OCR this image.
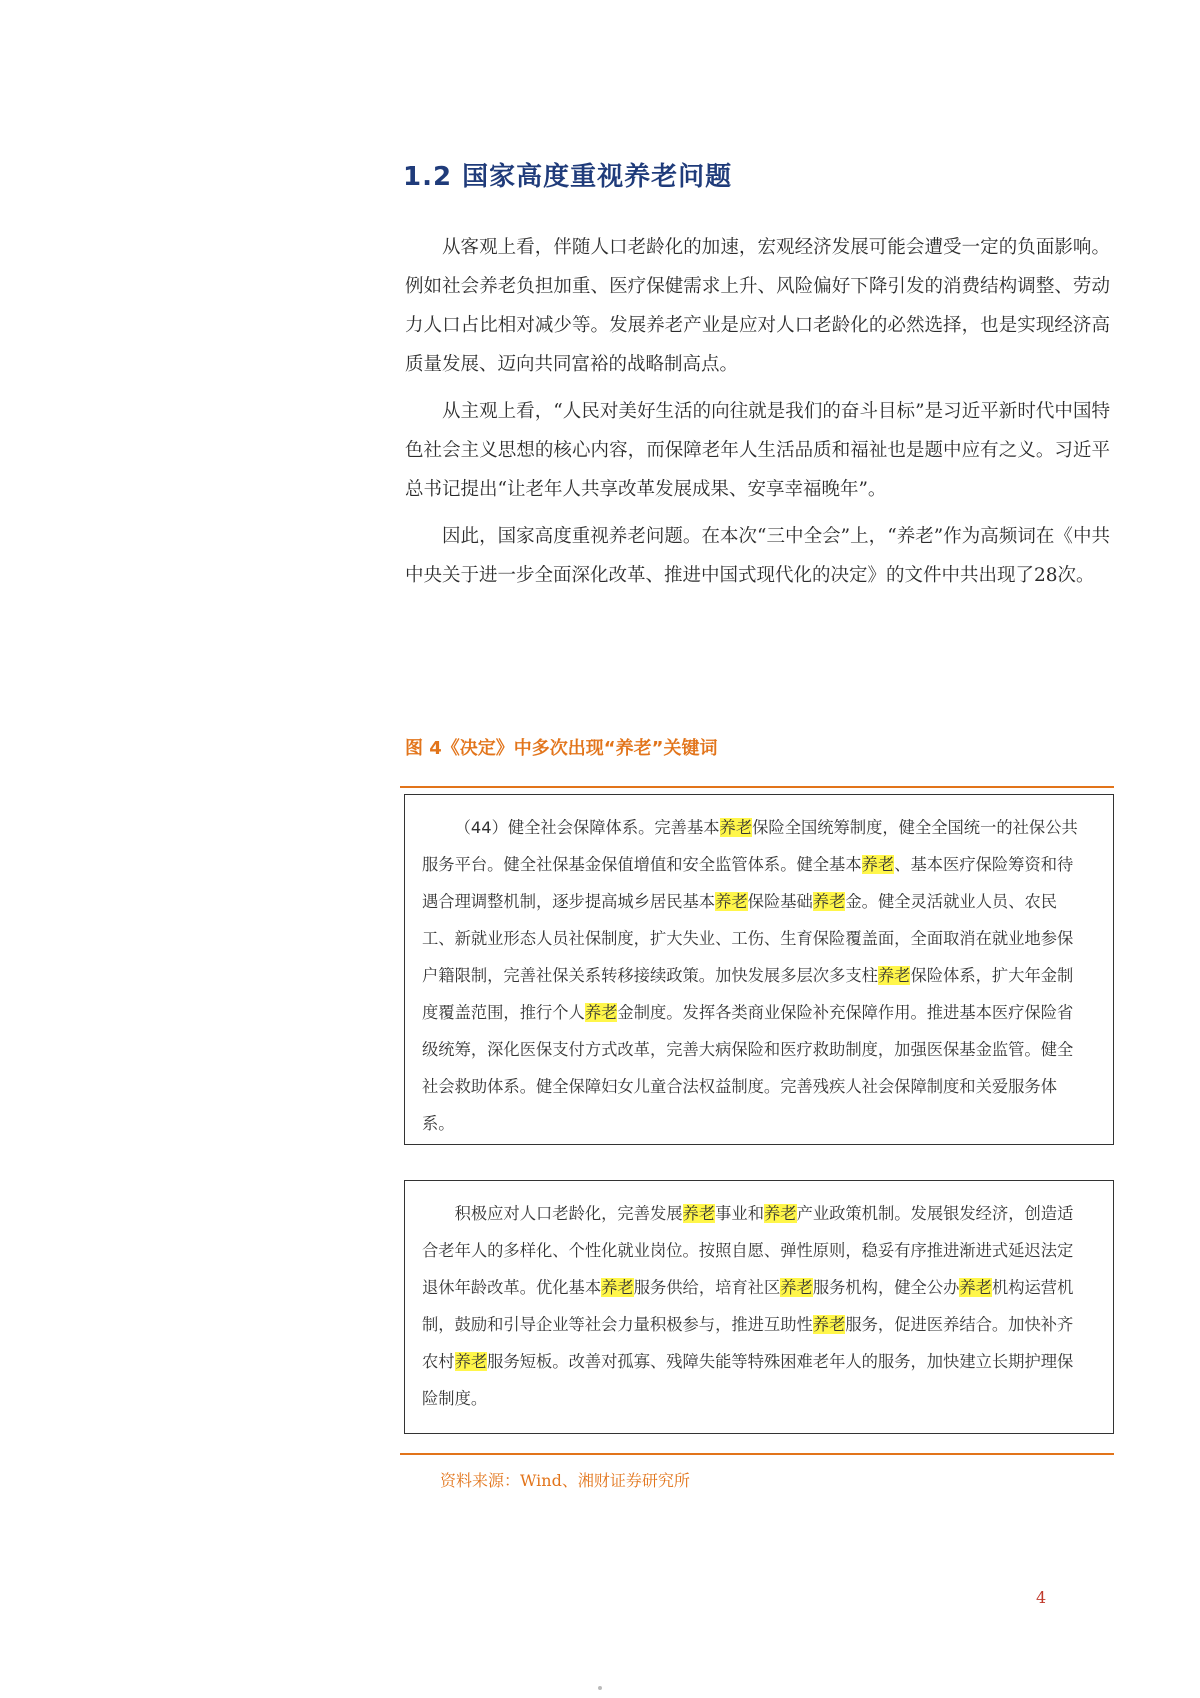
1.2 国家高度重视养老问题

从客观上看，伴随人口老龄化的加速，宏观经济发展可能会遭受一定的负面影响。例如社会养老负担加重、医疗保健需求上升、风险偏好下降引发的消费结构调整、劳动力人口占比相对减少等。发展养老产业是应对人口老龄化的必然选择，也是实现经济高质量发展、迈向共同富裕的战略制高点。

从主观上看，“人民对美好生活的向往就是我们的奋斗目标”是习近平新时代中国特色社会主义思想的核心内容，而保障老年人生活品质和福祉也是题中应有之义。习近平总书记提出“让老年人共享改革发展成果、安享幸福晚年”。

因此，国家高度重视养老问题。在本次“三中全会”上，“养老”作为高频词在《中共中央关于进一步全面深化改革、推进中国式现代化的决定》的文件中共出现了28次。

图 4《决定》中多次出现“养老”关键词

（44）健全社会保障体系。完善基本养老保险全国统筹制度，健全全国统一的社保公共服务平台。健全社保基金保值增值和安全监管体系。健全基本养老、基本医疗保险筹资和待遇合理调整机制，逐步提高城乡居民基本养老保险基础养老金。健全灵活就业人员、农民工、新就业形态人员社保制度，扩大失业、工伤、生育保险覆盖面，全面取消在就业地参保户籍限制，完善社保关系转移接续政策。加快发展多层次多支柱养老保险体系，扩大年金制度覆盖范围，推行个人养老金制度。发挥各类商业保险补充保障作用。推进基本医疗保险省级统筹，深化医保支付方式改革，完善大病保险和医疗救助制度，加强医保基金监管。健全社会救助体系。健全保障妇女儿童合法权益制度。完善残疾人社会保障制度和关爱服务体系。

积极应对人口老龄化，完善发展养老事业和养老产业政策机制。发展银发经济，创造适合老年人的多样化、个性化就业岗位。按照自愿、弹性原则，稳妥有序推进渐进式延迟法定退休年龄改革。优化基本养老服务供给，培育社区养老服务机构，健全公办养老机构运营机制，鼓励和引导企业等社会力量积极参与，推进互助性养老服务，促进医养结合。加快补齐农村养老服务短板。改善对孤寡、残障失能等特殊困难老年人的服务，加快建立长期护理保险制度。

资料来源：Wind、湘财证券研究所
4
